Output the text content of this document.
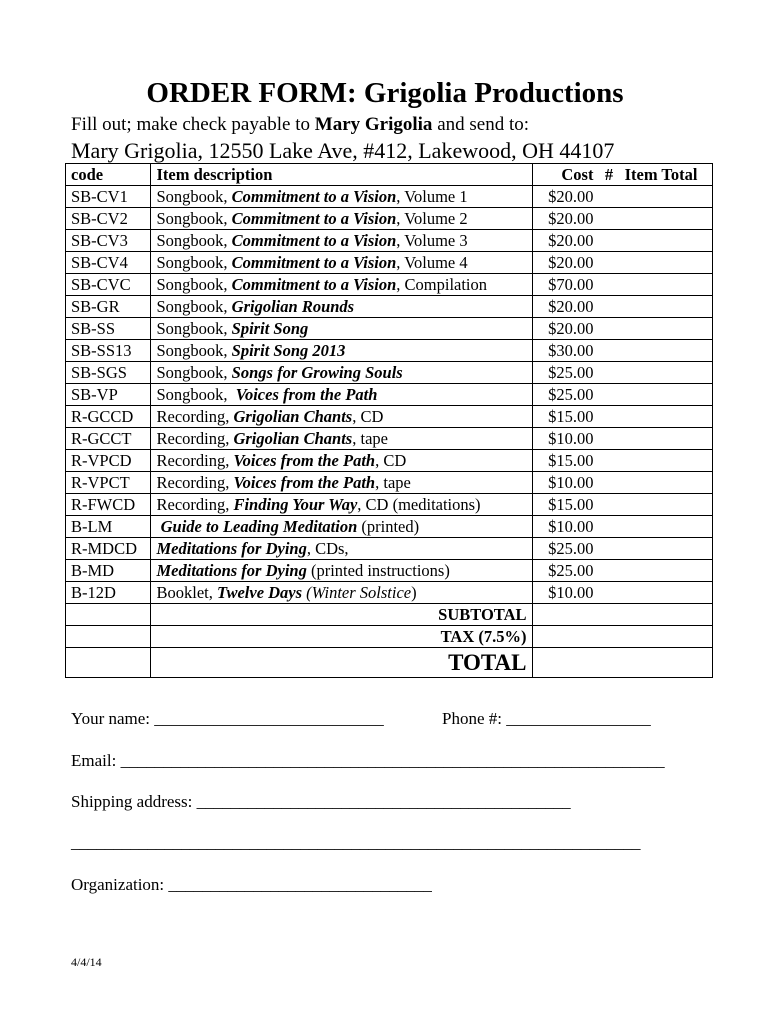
ORDER FORM: Grigolia Productions
Fill out; make check payable to Mary Grigolia and send to:
Mary Grigolia, 12550 Lake Ave, #412, Lakewood, OH 44107
code	Item description	Cost	#	Item Total
SB-CV1	Songbook, Commitment to a Vision, Volume 1	$20.00		
SB-CV2	Songbook, Commitment to a Vision, Volume 2	$20.00		
SB-CV3	Songbook, Commitment to a Vision, Volume 3	$20.00		
SB-CV4	Songbook, Commitment to a Vision, Volume 4	$20.00		
SB-CVC	Songbook, Commitment to a Vision, Compilation	$70.00		
SB-GR	Songbook, Grigolian Rounds	$20.00		
SB-SS	Songbook, Spirit Song	$20.00		
SB-SS13	Songbook, Spirit Song 2013	$30.00		
SB-SGS	Songbook, Songs for Growing Souls	$25.00		
SB-VP	Songbook,  Voices from the Path	$25.00		
R-GCCD	Recording, Grigolian Chants, CD	$15.00		
R-GCCT	Recording, Grigolian Chants, tape	$10.00		
R-VPCD	Recording, Voices from the Path, CD	$15.00		
R-VPCT	Recording, Voices from the Path, tape	$10.00		
R-FWCD	Recording, Finding Your Way, CD (meditations)	$15.00		
B-LM	Guide to Leading Meditation (printed)	$10.00		
R-MDCD	Meditations for Dying, CDs,	$25.00		
B-MD	Meditations for Dying (printed instructions)	$25.00		
B-12D	Booklet, Twelve Days (Winter Solstice)	$10.00		
	SUBTOTAL			
	TAX (7.5%)			
	TOTAL			
Your name: ___________________________	Phone #: _________________
Email: ________________________________________________________________
Shipping address: ____________________________________________
___________________________________________________________________
Organization: _______________________________
4/4/14
